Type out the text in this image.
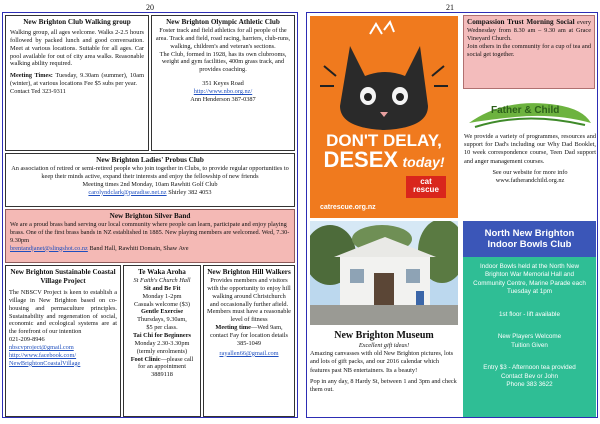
20	21
New Brighton Club Walking group
Walking group, all ages welcome. Walks 2-2.5 hours followed by packed lunch and good conversation. Meet at various locations. Suitable for all ages. Car pool available for out of city area walks. Reasonable walking ability required.
Meeting Times: Tuesday, 9.30am (summer), 10am (winter), at various locations Fee $5 subs per year.
Contact Ted 323-9311
New Brighton Olympic Athletic Club
Foster track and field athletics for all people of the area. Track and field, road racing, harriers, club-runs, walking, children's and veteran's sections.
The Club, formed in 1928, has its own clubrooms, weight and gym facilities, 400m grass track, and provides coaching.
351 Keyes Road
http://www.nbo.org.nz/
Ann Henderson 387-0387
New Brighton Ladies' Probus Club
An association of retired or semi-retired people who join together in Clubs, to provide regular opportunities to keep their minds active, expand their interests and enjoy the fellowship of new friends
Meeting times 2nd Monday, 10am Rawhiti Golf Club
carolyndclark@paradise.net.nz Shirley 382 4053
New Brighton Silver Band
We are a proud brass band serving our local community where people can learn, participate and enjoy playing brass. One of the first brass bands in NZ established in 1885. New playing members are welcomed. Wed, 7.30-9.30pm
brentandjanet@slingshot.co.nz Band Hall, Rawhiti Domain, Shaw Ave
New Brighton Sustainable Coastal Village Project
The NBSCV Project is keen to establish a village in New Brighton based on co-housing and permaculture principles. Sustainability and regeneration of social, economic and ecological systems are at the forefront of our intention
021-209-8946
nbscvproject@gmail.com
http://www.facebook.com/
NewBrightonCoastalVillage
Te Waka Aroha
St Faith's Church Hall
Sit and Be Fit
Monday 1-2pm
Casuals welcome ($3)
Gentle Exercise
Thursdays, 9.30am,
$5 per class.
Tai Chi for Beginners
Monday 2.30-3.30pm
(termly enrolments)
Foot Clinic—please call for an appointment
3889118
New Brighton Hill Walkers
Provides members and visitors with the opportunity to enjoy hill walking around Christchurch and occasionally further afield. Members must have a reasonable level of fitness
Meeting time—Wed 9am, contact Fay for location details 385-1049
rayallen66@gmail.com
DON'T DELAY,
DESEX today!
cat
rescue
catrescue.org.nz
Compassion Trust Morning Social every Wednesday from 8.30 am – 9.30 am at Grace Vineyard Church.
Join others in the community for a cup of tea and social get together.
Father & Child
We provide a variety of programmes, resources and support for Dad's including our Why Dad Booklet, 10 week correspondence course, Teen Dad support and anger management courses.
See our website for more info
www.fatherandchild.org.nz
New Brighton Museum
Excellent gift ideas!
Amazing canvasses with old New Brighton pictures, lots and lots of gift packs, and our 2016 calendar which features past NB entertainers. Its a beauty!
Pop in any day, 8 Hardy St, between 1 and 3pm and check them out.
North New Brighton
Indoor Bowls Club
Indoor Bowls held at the North New Brighton War Memorial Hall and Community Centre, Marine Parade each Tuesday at 1pm
1st floor - lift available
New Players Welcome
Tuition Given
Entry $3 - Afternoon tea provided
Contact Bev or John
Phone 383 3622
